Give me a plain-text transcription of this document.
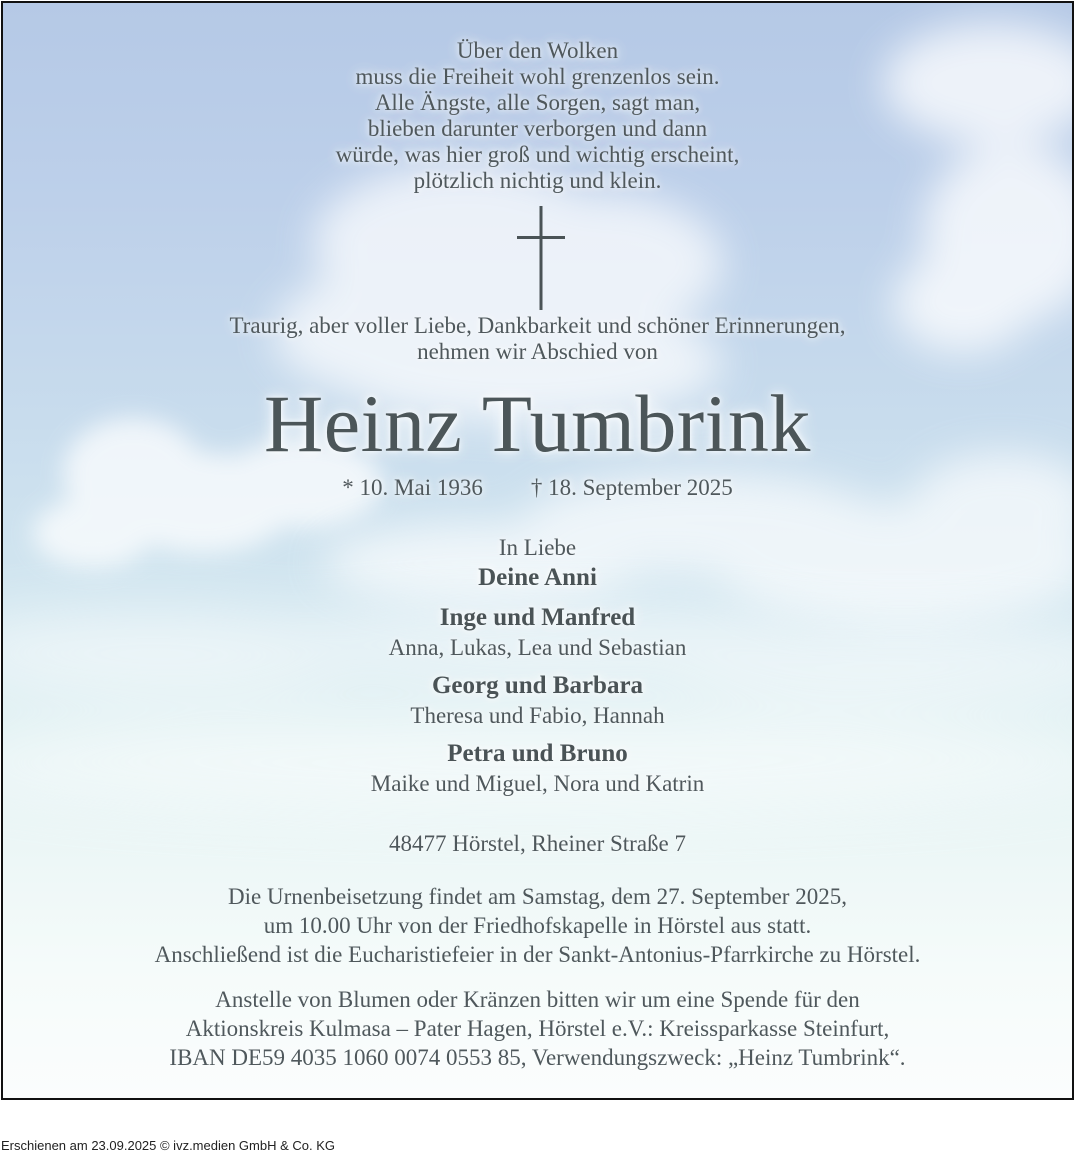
Über den Wolken
muss die Freiheit wohl grenzenlos sein.
Alle Ängste, alle Sorgen, sagt man,
blieben darunter verborgen und dann
würde, was hier groß und wichtig erscheint,
plötzlich nichtig und klein.
Traurig, aber voller Liebe, Dankbarkeit und schöner Erinnerungen,
nehmen wir Abschied von
Heinz Tumbrink
* 10. Mai 1936 † 18. September 2025
In Liebe
Deine Anni
Inge und Manfred
Anna, Lukas, Lea und Sebastian
Georg und Barbara
Theresa und Fabio, Hannah
Petra und Bruno
Maike und Miguel, Nora und Katrin
48477 Hörstel, Rheiner Straße 7
Die Urnenbeisetzung findet am Samstag, dem 27. September 2025,
um 10.00 Uhr von der Friedhofskapelle in Hörstel aus statt.
Anschließend ist die Eucharistiefeier in der Sankt-Antonius-Pfarrkirche zu Hörstel.
Anstelle von Blumen oder Kränzen bitten wir um eine Spende für den
Aktionskreis Kulmasa – Pater Hagen, Hörstel e.V.: Kreissparkasse Steinfurt,
IBAN DE59 4035 1060 0074 0553 85, Verwendungszweck: „Heinz Tumbrink“.
Erschienen am 23.09.2025 © ivz.medien GmbH & Co. KG
